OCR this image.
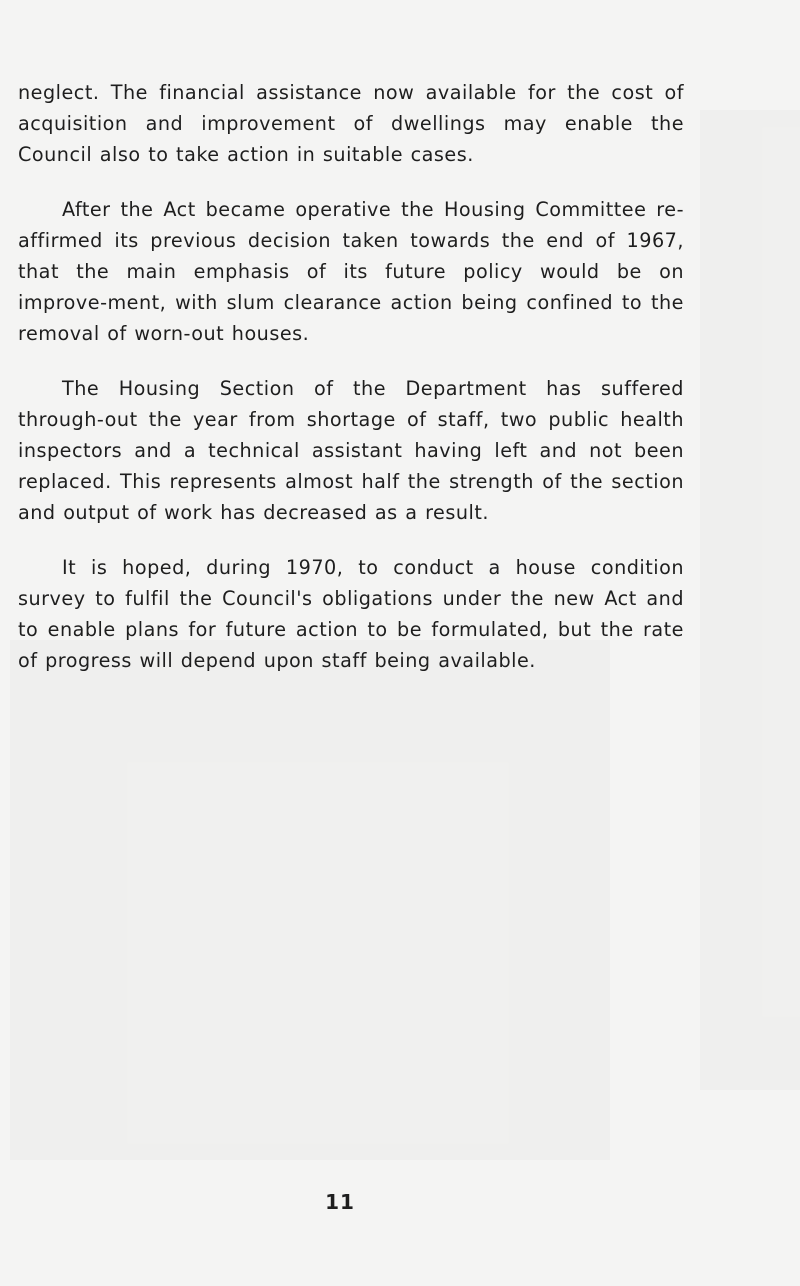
neglect. The financial assistance now available for the cost of acquisition and improvement of dwellings may enable the Council also to take action in suitable cases.

After the Act became operative the Housing Committee re-affirmed its previous decision taken towards the end of 1967, that the main emphasis of its future policy would be on improve-ment, with slum clearance action being confined to the removal of worn-out houses.

The Housing Section of the Department has suffered through-out the year from shortage of staff, two public health inspectors and a technical assistant having left and not been replaced. This represents almost half the strength of the section and output of work has decreased as a result.

It is hoped, during 1970, to conduct a house condition survey to fulfil the Council's obligations under the new Act and to enable plans for future action to be formulated, but the rate of progress will depend upon staff being available.

11
